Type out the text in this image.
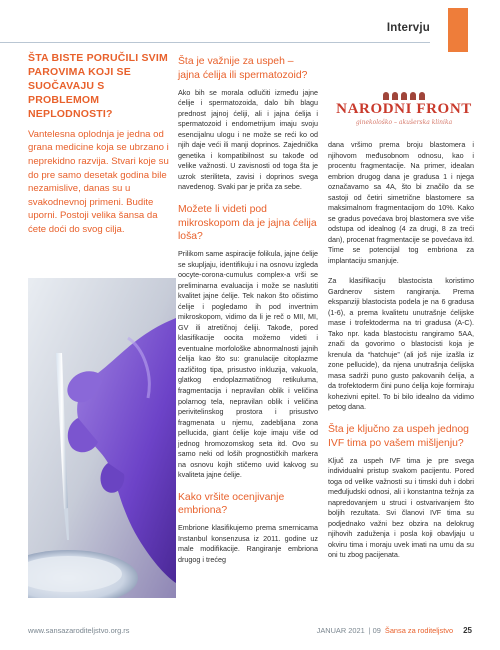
Intervju
ŠTA BISTE PORUČILI SVIM PAROVIMA KOJI SE SUOČAVAJU S PROBLEMOM NEPLODNOSTI?
Vantelesna oplodnja je jedna od grana medicine koja se ubrzano i neprekidno razvija. Stvari koje su do pre samo desetak godina bile nezamislive, danas su u svakodnevnoj primeni. Budite uporni. Postoji velika šansa da ćete doći do svog cilja.
Šta je važnije za uspeh – jajna ćelija ili spermatozoid?
Ako bih se morala odlučiti između jajne ćelije i spermatozoida, dalo bih blagu prednost jajnoj ćeliji, ali i jajna ćelija i spermatozoid i endometrijum imaju svoju esencijalnu ulogu i ne može se reći ko od njih daje veći ili manji doprinos. Zajednička genetika i kompatibilnost su takođe od velike važnosti. U zavisnosti od toga šta je uzrok steriliteta, zavisi i doprinos svega navedenog. Svaki par je priča za sebe.
Možete li videti pod mikroskopom da je jajna ćelija loša?
Prilikom same aspiracije folikula, jajne ćelije se skupljaju, identifikuju i na osnovu izgleda oocyte-corona-cumulus complex-a vrši se preliminarna evaluacija i može se naslutiti kvalitet jajne ćelije. Tek nakon što očistimo ćelije i pogledamo ih pod invertnim mikroskopom, vidimo da li je reč o MII, MI, GV ili atretičnoj ćeliji. Takođe, pored klasifikacije oocita možemo videti i eventualne morfološke abnormalnosti jajnih ćelija kao što su: granulacije citoplazme različitog tipa, prisustvo inkluzija, vakuola, glatkog endoplazmatičnog retikuluma, fragmentacija i nepravilan oblik i veličina polarnog tela, nepravilan oblik i veličina perivitelinskog prostora i prisustvo fragmenata u njemu, zadebljana zona pellucida, giant ćelije koje imaju više od jednog hromozomskog seta itd. Ovo su samo neki od loših prognostičkih markera na osnovu kojih stičemo uvid kakvog su kvaliteta jajne ćelije.
Kako vršite ocenjivanje embriona?
Embrione klasifikujemo prema smernicama Instanbul konsenzusa iz 2011. godine uz male modifikacije. Rangiranje embriona drugog i trećeg
NARODNI FRONT
ginekološko – akušerska klinika
dana vršimo prema broju blastomera i njihovom međusobnom odnosu, kao i procentu fragmentacije. Na primer, idealan embrion drugog dana je gradusa 1 i njega označavamo sa 4A, što bi značilo da se sastoji od četiri simetrične blastomere sa maksimalnom fragmentacijom do 10%. Kako se gradus povećava broj blastomera sve više odstupa od idealnog (4 za drugi, 8 za treći dan), procenat fragmentacije se povećava itd. Time se potencijal tog embriona za implantaciju smanjuje.
Za klasifikaciju blastocista koristimo Gardnerov sistem rangiranja. Prema ekspanziji blastocista podela je na 6 gradusa (1-6), a prema kvalitetu unutrašnje ćelijske mase i trofektoderma na tri gradusa (A-C). Tako npr. kada blastocistu rangiramo 5AA, znači da govorimo o blastocisti koja je krenula da “hatchuje” (ali još nije izašla iz zone pellucide), da njena unutrašnja ćelijska masa sadrži puno gusto pakovanih ćelija, a da trofektoderm čini puno ćelija koje formiraju kohezivni epitel. To bi bilo idealno da vidimo petog dana.
Šta je ključno za uspeh jednog IVF tima po vašem mišljenju?
Ključ za uspeh IVF tima je pre svega individualni pristup svakom pacijentu. Pored toga od velike važnosti su i timski duh i dobri međuljudski odnosi, ali i konstantna težnja za napredovanjem u struci i ostvarivanjem što boljih rezultata. Svi članovi IVF tima su podjednako važni bez obzira na delokrug njihovih zaduženja i posla koji obavljaju u okviru tima i moraju uvek imati na umu da su oni tu zbog pacijenata.
www.sansazaroditeljstvo.org.rs	JANUAR 2021 | 09 Šansa za roditeljstvo 25
